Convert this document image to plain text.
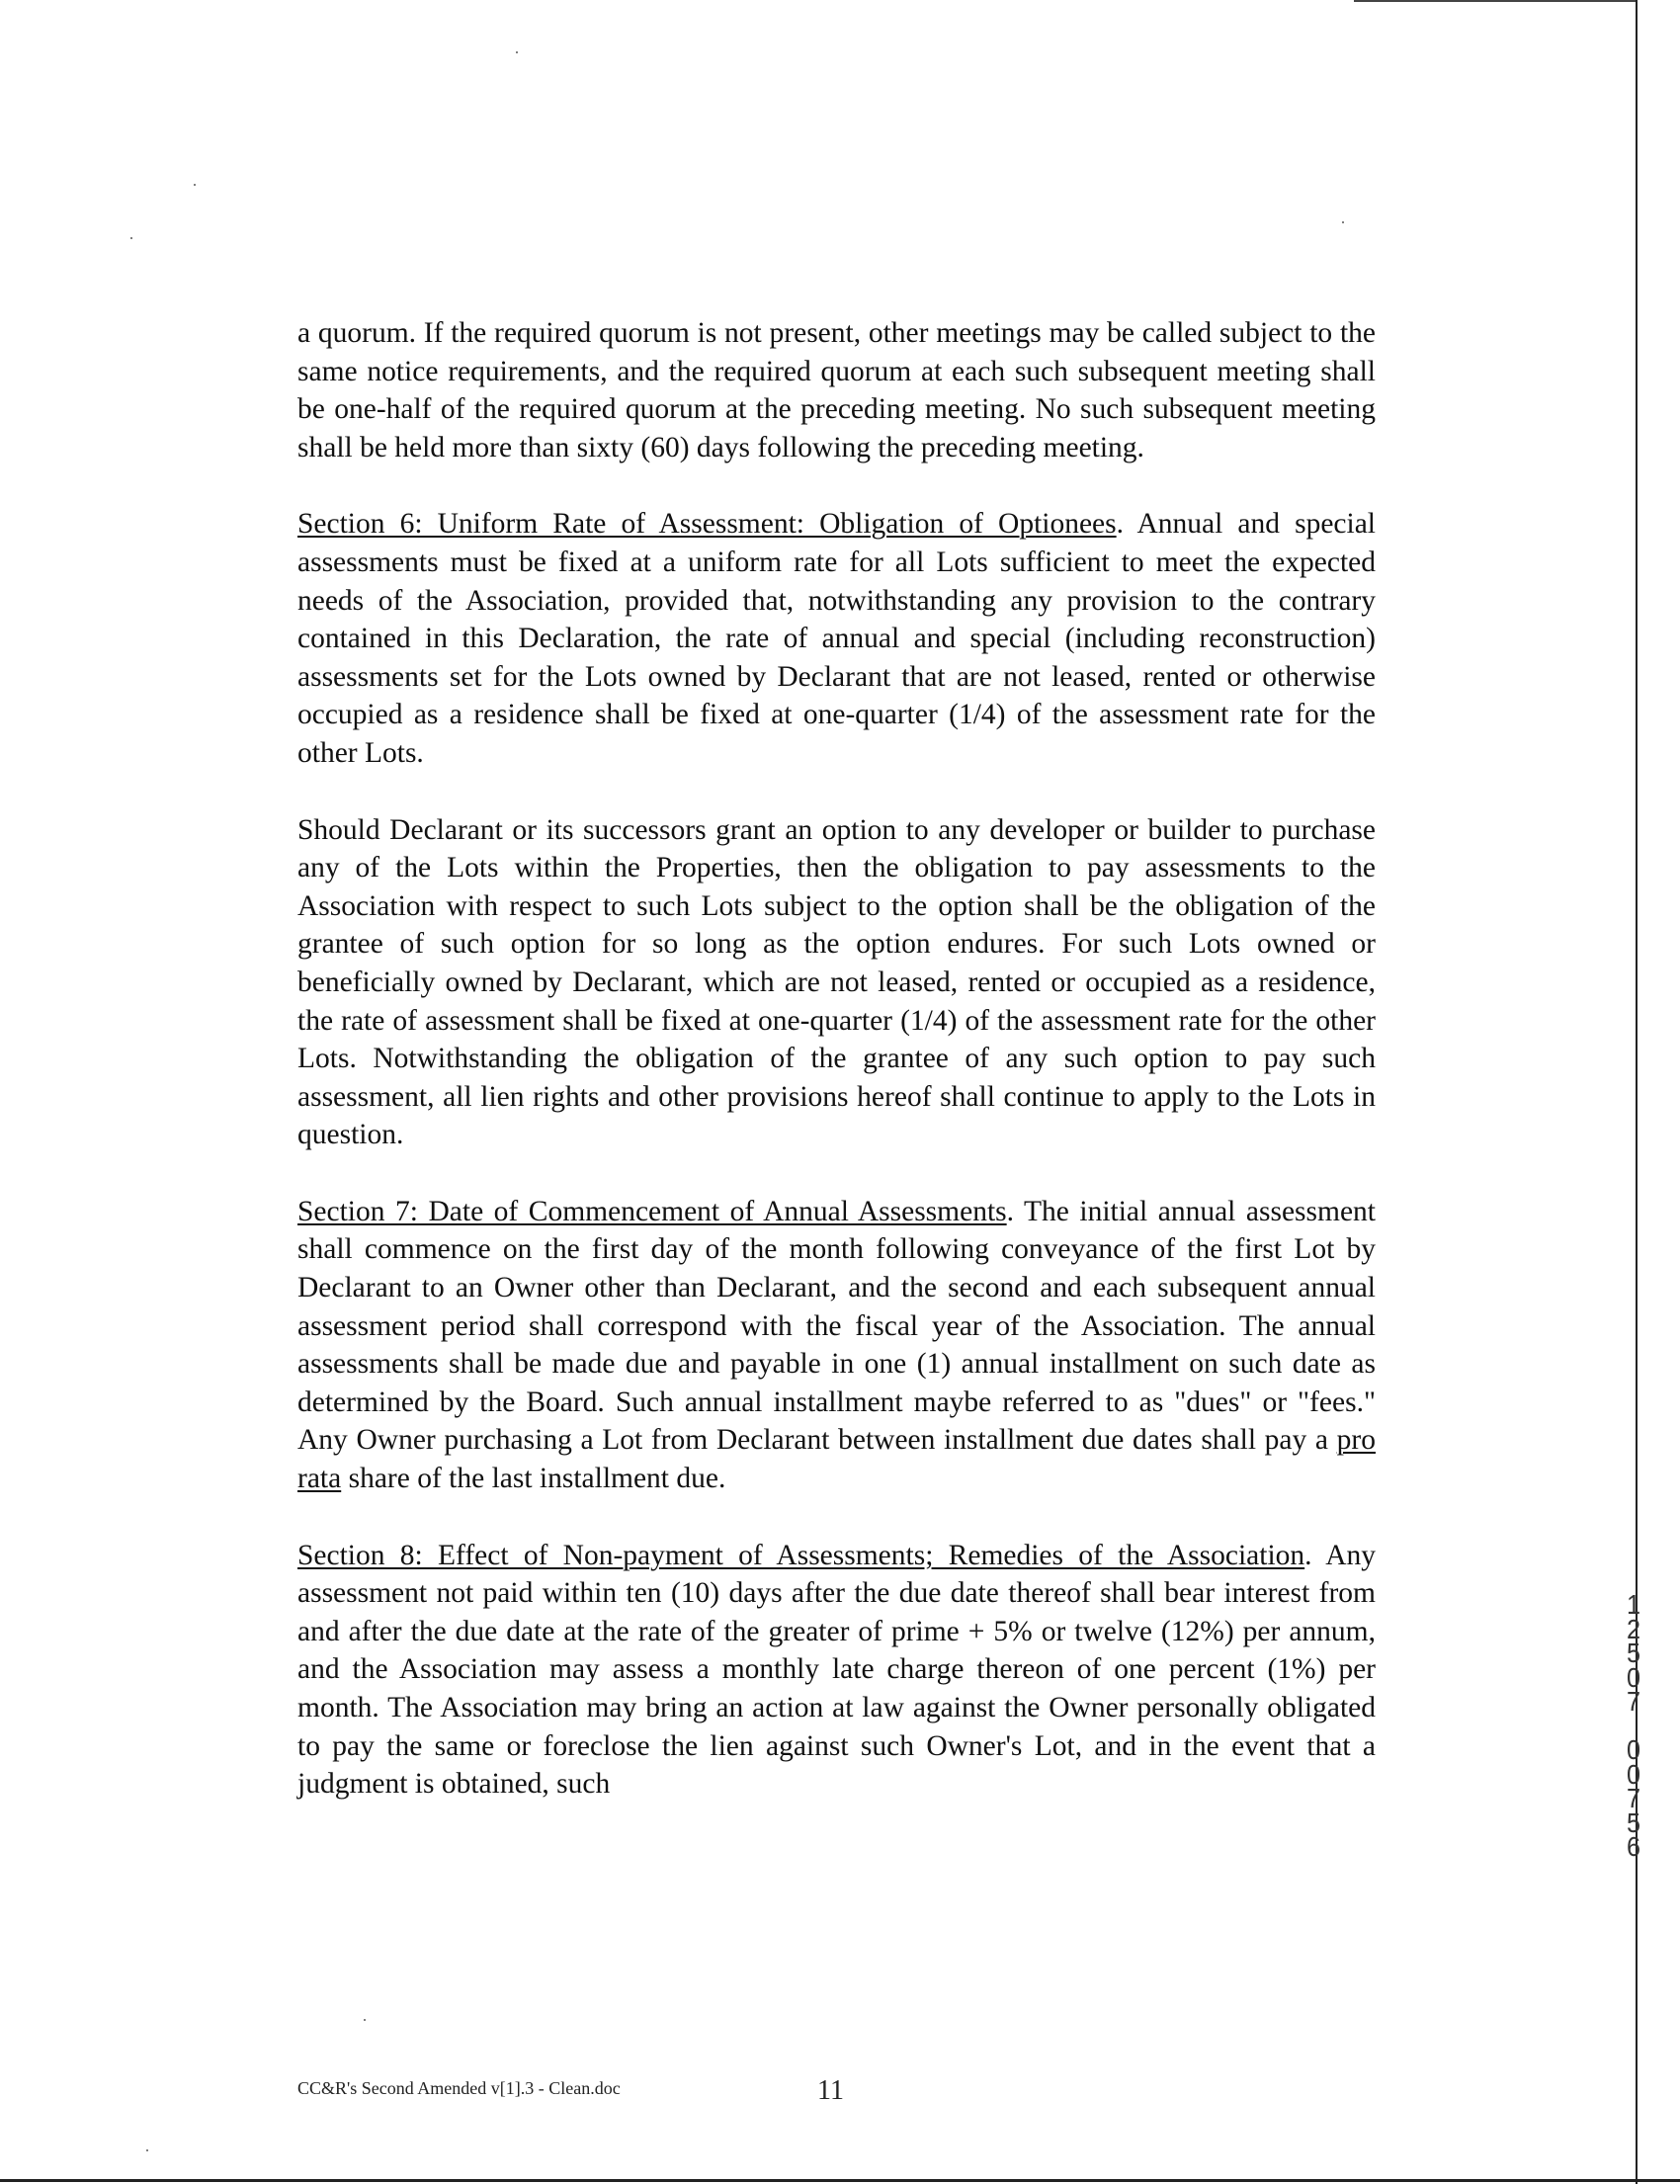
a quorum. If the required quorum is not present, other meetings may be called subject to the same notice requirements, and the required quorum at each such subsequent meeting shall be one-half of the required quorum at the preceding meeting. No such subsequent meeting shall be held more than sixty (60) days following the preceding meeting.

Section 6: Uniform Rate of Assessment: Obligation of Optionees. Annual and special assessments must be fixed at a uniform rate for all Lots sufficient to meet the expected needs of the Association, provided that, notwithstanding any provision to the contrary contained in this Declaration, the rate of annual and special (including reconstruction) assessments set for the Lots owned by Declarant that are not leased, rented or otherwise occupied as a residence shall be fixed at one-quarter (1/4) of the assessment rate for the other Lots.

Should Declarant or its successors grant an option to any developer or builder to purchase any of the Lots within the Properties, then the obligation to pay assessments to the Association with respect to such Lots subject to the option shall be the obligation of the grantee of such option for so long as the option endures. For such Lots owned or beneficially owned by Declarant, which are not leased, rented or occupied as a residence, the rate of assessment shall be fixed at one-quarter (1/4) of the assessment rate for the other Lots. Notwithstanding the obligation of the grantee of any such option to pay such assessment, all lien rights and other provisions hereof shall continue to apply to the Lots in question.

Section 7: Date of Commencement of Annual Assessments. The initial annual assessment shall commence on the first day of the month following conveyance of the first Lot by Declarant to an Owner other than Declarant, and the second and each subsequent annual assessment period shall correspond with the fiscal year of the Association. The annual assessments shall be made due and payable in one (1) annual installment on such date as determined by the Board. Such annual installment maybe referred to as "dues" or "fees." Any Owner purchasing a Lot from Declarant between installment due dates shall pay a pro rata share of the last installment due.

Section 8: Effect of Non-payment of Assessments; Remedies of the Association. Any assessment not paid within ten (10) days after the due date thereof shall bear interest from and after the due date at the rate of the greater of prime + 5% or twelve (12%) per annum, and the Association may assess a monthly late charge thereon of one percent (1%) per month. The Association may bring an action at law against the Owner personally obligated to pay the same or foreclose the lien against such Owner's Lot, and in the event that a judgment is obtained, such

1
2
5
0
7
0
0
7
5
6
CC&R's Second Amended v[1].3 - Clean.doc	11
